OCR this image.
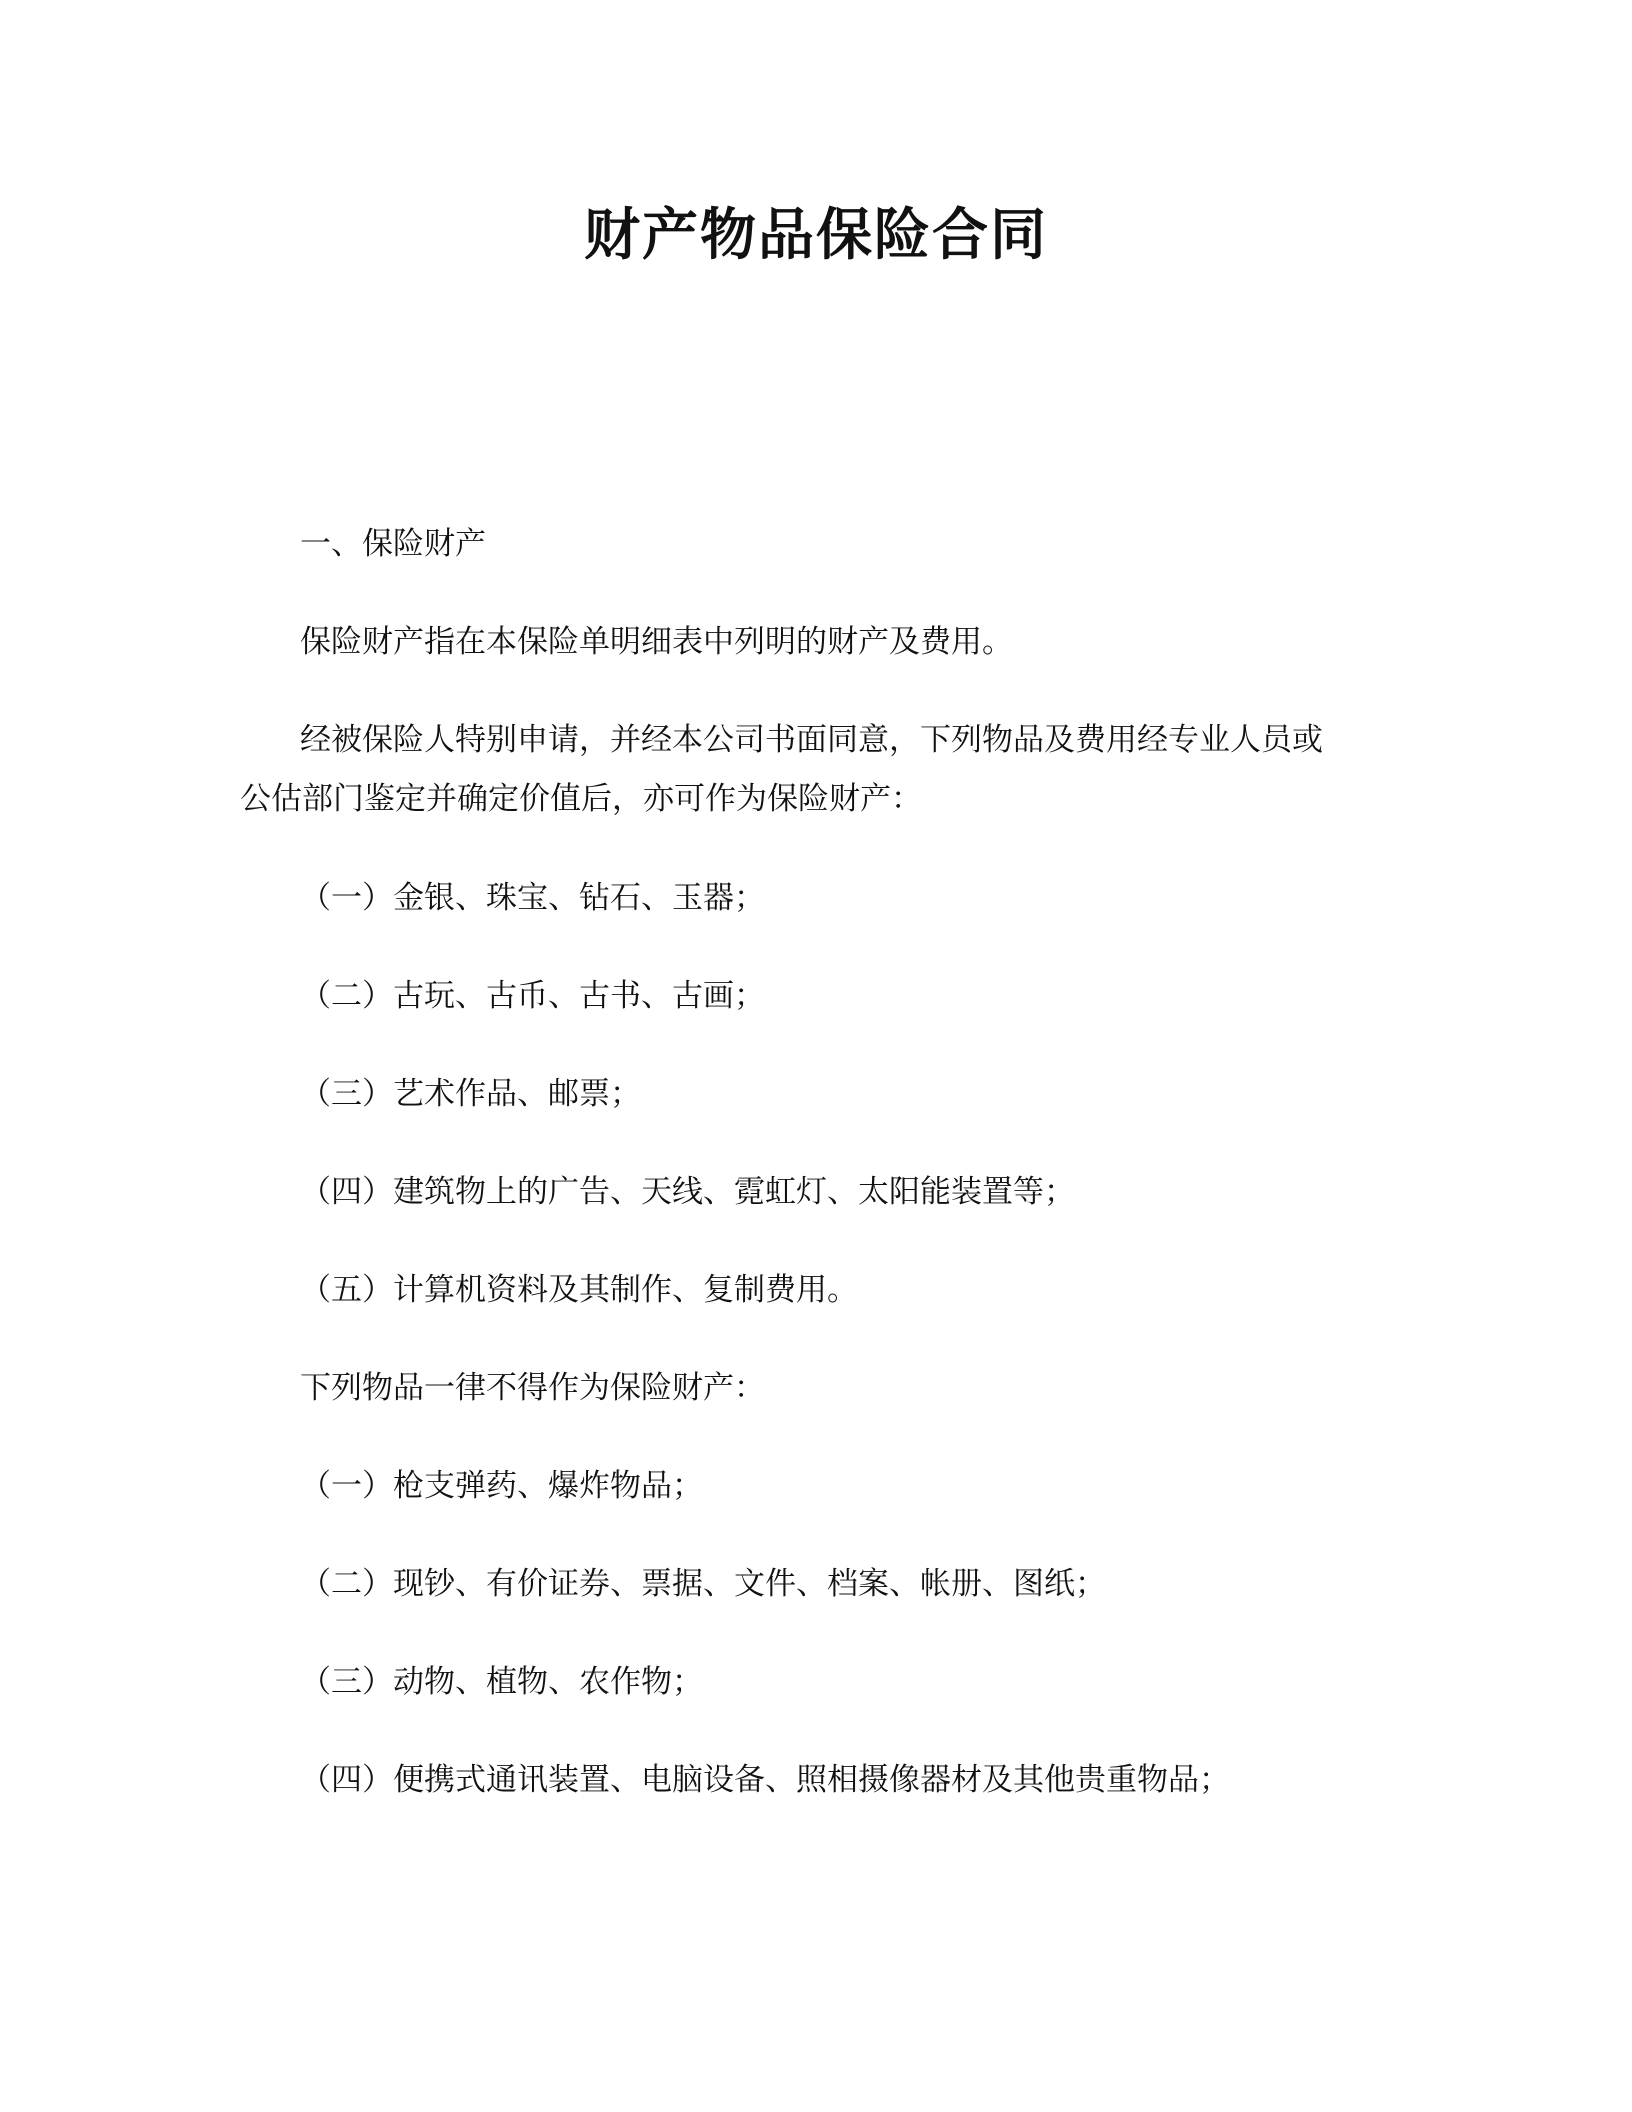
财产物品保险合同
一、保险财产
保险财产指在本保险单明细表中列明的财产及费用。
经被保险人特别申请，并经本公司书面同意，下列物品及费用经专业人员或
公估部门鉴定并确定价值后，亦可作为保险财产：
（一）金银、珠宝、钻石、玉器；
（二）古玩、古币、古书、古画；
（三）艺术作品、邮票；
（四）建筑物上的广告、天线、霓虹灯、太阳能装置等；
（五）计算机资料及其制作、复制费用。
下列物品一律不得作为保险财产：
（一）枪支弹药、爆炸物品；
（二）现钞、有价证券、票据、文件、档案、帐册、图纸；
（三）动物、植物、农作物；
（四）便携式通讯装置、电脑设备、照相摄像器材及其他贵重物品；
